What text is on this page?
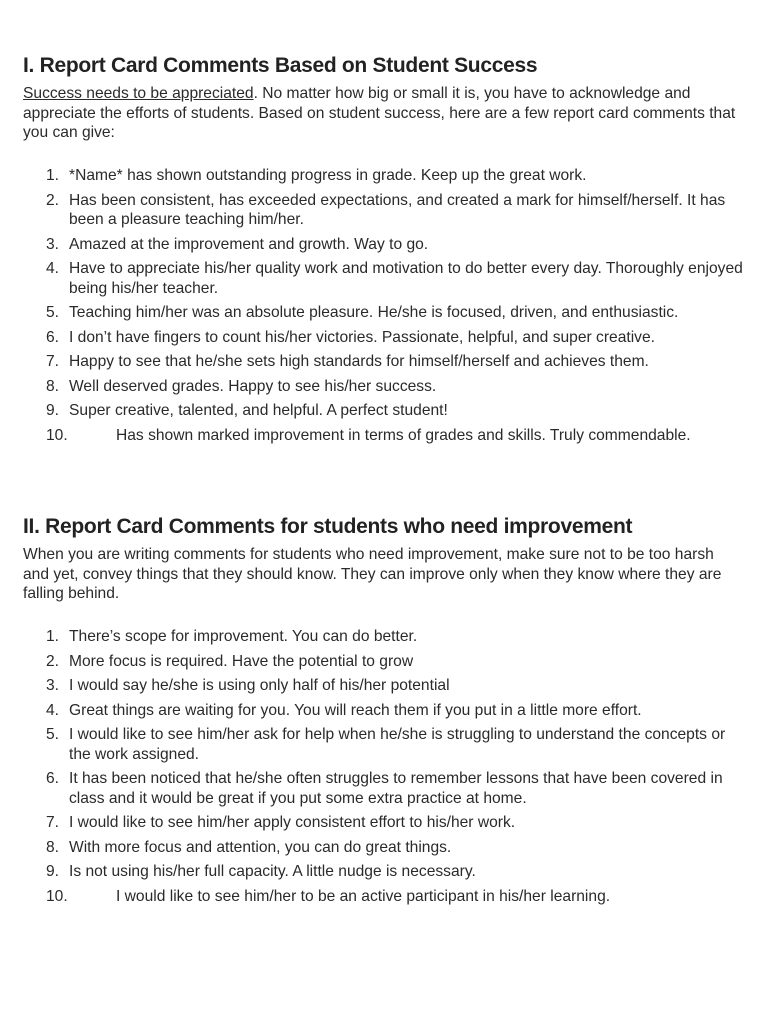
I. Report Card Comments Based on Student Success

Success needs to be appreciated. No matter how big or small it is, you have to acknowledge and appreciate the efforts of students. Based on student success, here are a few report card comments that you can give:

1. *Name* has shown outstanding progress in grade. Keep up the great work.
2. Has been consistent, has exceeded expectations, and created a mark for himself/herself. It has been a pleasure teaching him/her.
3. Amazed at the improvement and growth. Way to go.
4. Have to appreciate his/her quality work and motivation to do better every day. Thoroughly enjoyed being his/her teacher.
5. Teaching him/her was an absolute pleasure. He/she is focused, driven, and enthusiastic.
6. I don’t have fingers to count his/her victories. Passionate, helpful, and super creative.
7. Happy to see that he/she sets high standards for himself/herself and achieves them.
8. Well deserved grades. Happy to see his/her success.
9. Super creative, talented, and helpful. A perfect student!
10.	Has shown marked improvement in terms of grades and skills. Truly commendable.
II. Report Card Comments for students who need improvement

When you are writing comments for students who need improvement, make sure not to be too harsh and yet, convey things that they should know. They can improve only when they know where they are falling behind.

1. There’s scope for improvement. You can do better.
2. More focus is required. Have the potential to grow
3. I would say he/she is using only half of his/her potential
4. Great things are waiting for you. You will reach them if you put in a little more effort.
5. I would like to see him/her ask for help when he/she is struggling to understand the concepts or the work assigned.
6. It has been noticed that he/she often struggles to remember lessons that have been covered in class and it would be great if you put some extra practice at home.
7. I would like to see him/her apply consistent effort to his/her work.
8. With more focus and attention, you can do great things.
9. Is not using his/her full capacity. A little nudge is necessary.
10.	I would like to see him/her to be an active participant in his/her learning.
